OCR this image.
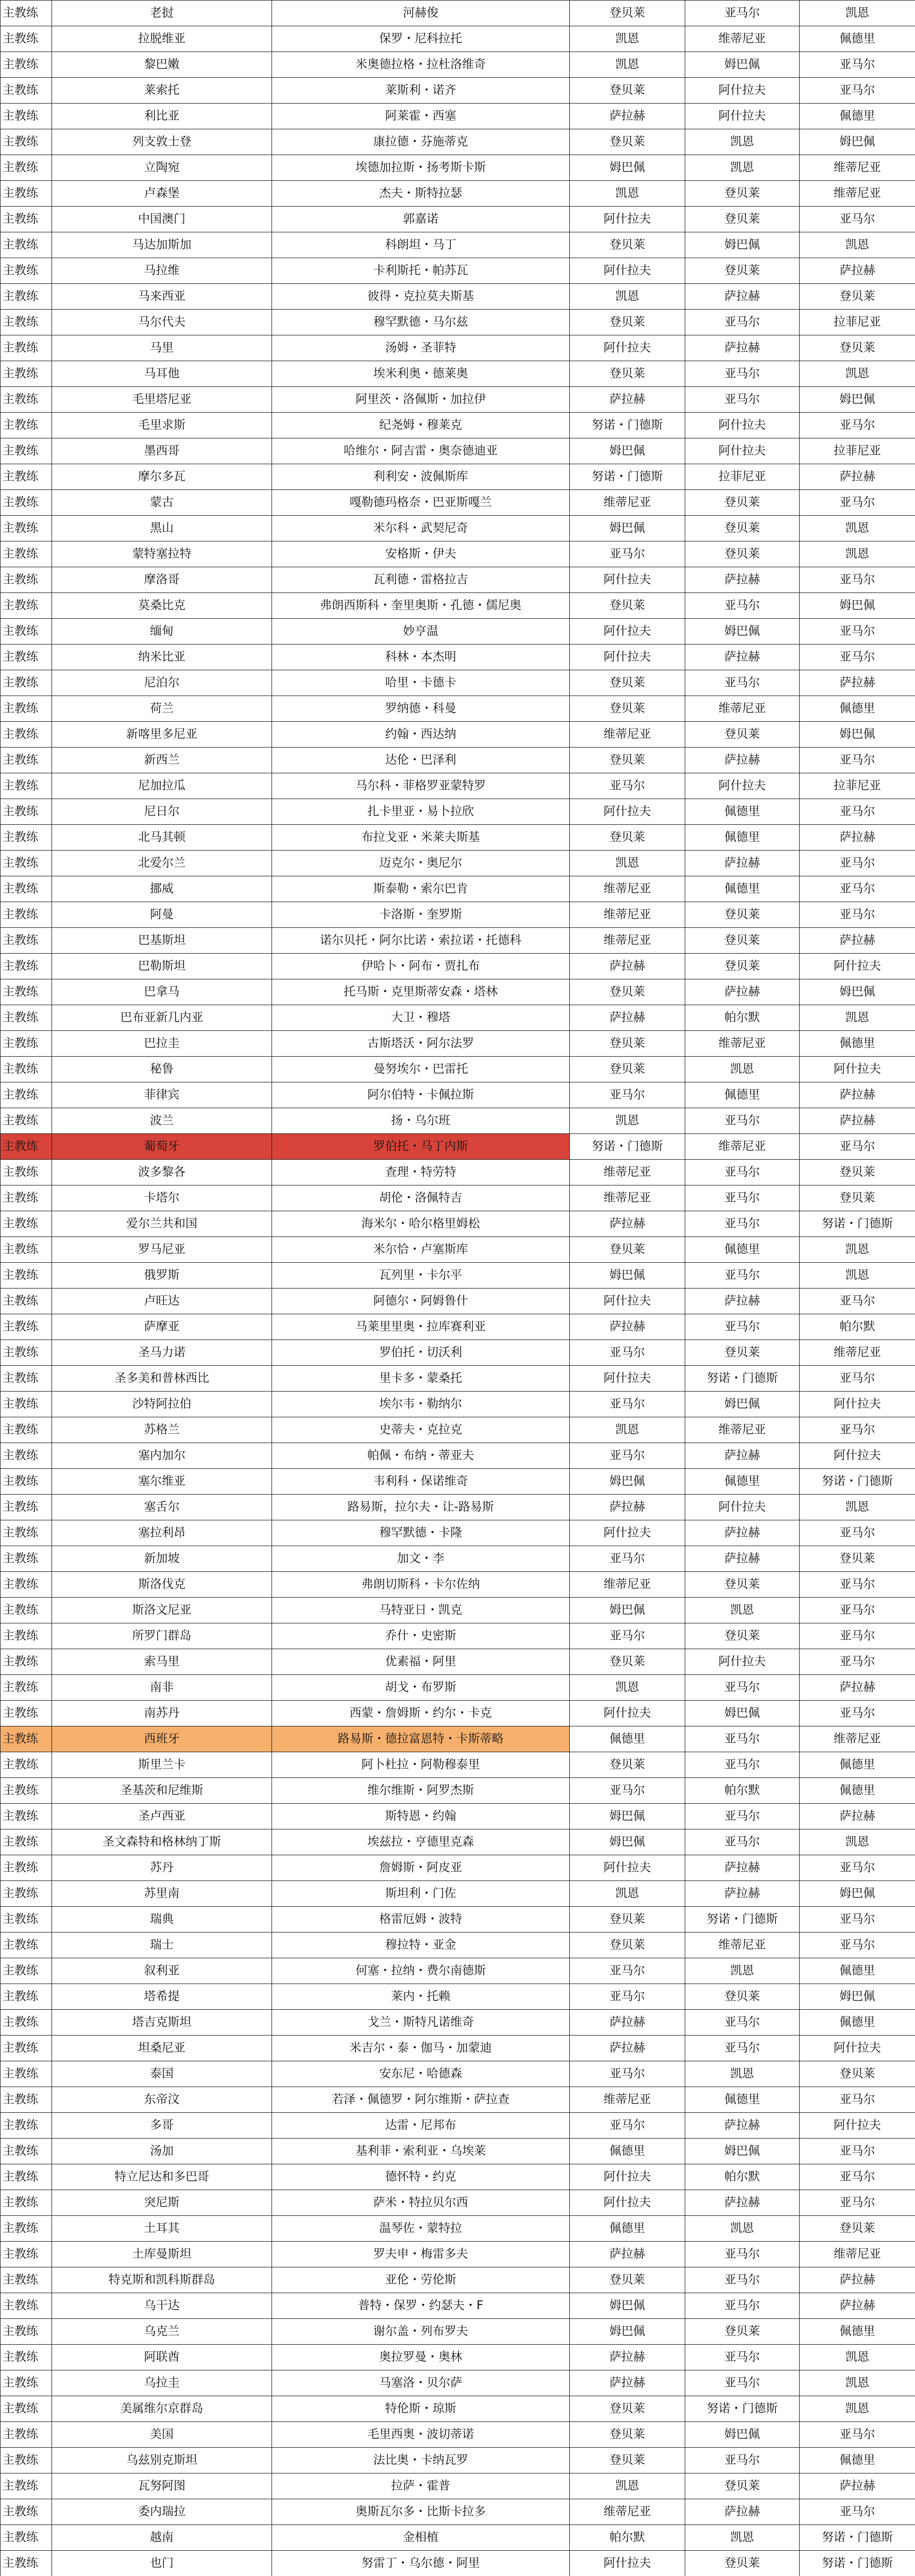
主教练	老挝	河赫俊	登贝莱	亚马尔	凯恩
主教练	拉脱维亚	保罗・尼科拉托	凯恩	维蒂尼亚	佩德里
主教练	黎巴嫩	米奥德拉格・拉杜洛维奇	凯恩	姆巴佩	亚马尔
主教练	莱索托	莱斯利・诺齐	登贝莱	阿什拉夫	亚马尔
主教练	利比亚	阿莱霍・西塞	萨拉赫	阿什拉夫	佩德里
主教练	列支敦士登	康拉德・芬施蒂克	登贝莱	凯恩	姆巴佩
主教练	立陶宛	埃德加拉斯・扬考斯卡斯	姆巴佩	凯恩	维蒂尼亚
主教练	卢森堡	杰夫・斯特拉瑟	凯恩	登贝莱	维蒂尼亚
主教练	中国澳门	郭嘉诺	阿什拉夫	登贝莱	亚马尔
主教练	马达加斯加	科朗坦・马丁	登贝莱	姆巴佩	凯恩
主教练	马拉维	卡利斯托・帕苏瓦	阿什拉夫	登贝莱	萨拉赫
主教练	马来西亚	彼得・克拉莫夫斯基	凯恩	萨拉赫	登贝莱
主教练	马尔代夫	穆罕默德・马尔兹	登贝莱	亚马尔	拉菲尼亚
主教练	马里	汤姆・圣菲特	阿什拉夫	萨拉赫	登贝莱
主教练	马耳他	埃米利奥・德莱奥	登贝莱	亚马尔	凯恩
主教练	毛里塔尼亚	阿里茨・洛佩斯・加拉伊	萨拉赫	亚马尔	姆巴佩
主教练	毛里求斯	纪尧姆・穆莱克	努诺・门德斯	阿什拉夫	亚马尔
主教练	墨西哥	哈维尔・阿吉雷・奥奈德迪亚	姆巴佩	阿什拉夫	拉菲尼亚
主教练	摩尔多瓦	利利安・波佩斯库	努诺・门德斯	拉菲尼亚	萨拉赫
主教练	蒙古	嘎勒德玛格奈・巴亚斯嘎兰	维蒂尼亚	登贝莱	亚马尔
主教练	黑山	米尔科・武契尼奇	姆巴佩	登贝莱	凯恩
主教练	蒙特塞拉特	安格斯・伊夫	亚马尔	登贝莱	凯恩
主教练	摩洛哥	瓦利德・雷格拉吉	阿什拉夫	萨拉赫	亚马尔
主教练	莫桑比克	弗朗西斯科・奎里奥斯・孔德・儒尼奥	登贝莱	亚马尔	姆巴佩
主教练	缅甸	妙亨温	阿什拉夫	姆巴佩	亚马尔
主教练	纳米比亚	科林・本杰明	阿什拉夫	萨拉赫	亚马尔
主教练	尼泊尔	哈里・卡德卡	登贝莱	亚马尔	萨拉赫
主教练	荷兰	罗纳德・科曼	登贝莱	维蒂尼亚	佩德里
主教练	新喀里多尼亚	约翰・西达纳	维蒂尼亚	登贝莱	姆巴佩
主教练	新西兰	达伦・巴泽利	登贝莱	萨拉赫	亚马尔
主教练	尼加拉瓜	马尔科・菲格罗亚蒙特罗	亚马尔	阿什拉夫	拉菲尼亚
主教练	尼日尔	扎卡里亚・易卜拉欣	阿什拉夫	佩德里	亚马尔
主教练	北马其顿	布拉戈亚・米莱夫斯基	登贝莱	佩德里	萨拉赫
主教练	北爱尔兰	迈克尔・奥尼尔	凯恩	萨拉赫	亚马尔
主教练	挪威	斯泰勒・索尔巴肯	维蒂尼亚	佩德里	亚马尔
主教练	阿曼	卡洛斯・奎罗斯	维蒂尼亚	登贝莱	亚马尔
主教练	巴基斯坦	诺尔贝托・阿尔比诺・索拉诺・托德科	维蒂尼亚	登贝莱	萨拉赫
主教练	巴勒斯坦	伊哈卜・阿布・贾扎布	萨拉赫	登贝莱	阿什拉夫
主教练	巴拿马	托马斯・克里斯蒂安森・塔林	登贝莱	萨拉赫	姆巴佩
主教练	巴布亚新几内亚	大卫・穆塔	萨拉赫	帕尔默	凯恩
主教练	巴拉圭	古斯塔沃・阿尔法罗	登贝莱	维蒂尼亚	佩德里
主教练	秘鲁	曼努埃尔・巴雷托	登贝莱	凯恩	阿什拉夫
主教练	菲律宾	阿尔伯特・卡佩拉斯	亚马尔	佩德里	萨拉赫
主教练	波兰	扬・乌尔班	凯恩	亚马尔	萨拉赫
主教练	葡萄牙	罗伯托・马丁内斯	努诺・门德斯	维蒂尼亚	亚马尔
主教练	波多黎各	查理・特劳特	维蒂尼亚	亚马尔	登贝莱
主教练	卡塔尔	胡伦・洛佩特吉	维蒂尼亚	亚马尔	登贝莱
主教练	爱尔兰共和国	海米尔・哈尔格里姆松	萨拉赫	亚马尔	努诺・门德斯
主教练	罗马尼亚	米尔恰・卢塞斯库	登贝莱	佩德里	凯恩
主教练	俄罗斯	瓦列里・卡尔平	姆巴佩	亚马尔	凯恩
主教练	卢旺达	阿德尔・阿姆鲁什	阿什拉夫	萨拉赫	亚马尔
主教练	萨摩亚	马莱里里奥・拉库赛利亚	萨拉赫	亚马尔	帕尔默
主教练	圣马力诺	罗伯托・切沃利	亚马尔	登贝莱	维蒂尼亚
主教练	圣多美和普林西比	里卡多・蒙桑托	阿什拉夫	努诺・门德斯	亚马尔
主教练	沙特阿拉伯	埃尔韦・勒纳尔	亚马尔	姆巴佩	阿什拉夫
主教练	苏格兰	史蒂夫・克拉克	凯恩	维蒂尼亚	亚马尔
主教练	塞内加尔	帕佩・布纳・蒂亚夫	亚马尔	萨拉赫	阿什拉夫
主教练	塞尔维亚	韦利科・保诺维奇	姆巴佩	佩德里	努诺・门德斯
主教练	塞舌尔	路易斯，拉尔夫・让-路易斯	萨拉赫	阿什拉夫	凯恩
主教练	塞拉利昂	穆罕默德・卡隆	阿什拉夫	萨拉赫	亚马尔
主教练	新加坡	加文・李	亚马尔	萨拉赫	登贝莱
主教练	斯洛伐克	弗朗切斯科・卡尔佐纳	维蒂尼亚	登贝莱	亚马尔
主教练	斯洛文尼亚	马特亚日・凯克	姆巴佩	凯恩	亚马尔
主教练	所罗门群岛	乔什・史密斯	亚马尔	登贝莱	亚马尔
主教练	索马里	优素福・阿里	登贝莱	阿什拉夫	亚马尔
主教练	南非	胡戈・布罗斯	凯恩	亚马尔	萨拉赫
主教练	南苏丹	西蒙・詹姆斯・约尔・卡克	阿什拉夫	姆巴佩	亚马尔
主教练	西班牙	路易斯・德拉富恩特・卡斯蒂略	佩德里	亚马尔	维蒂尼亚
主教练	斯里兰卡	阿卜杜拉・阿勒穆泰里	登贝莱	亚马尔	佩德里
主教练	圣基茨和尼维斯	维尔维斯・阿罗杰斯	亚马尔	帕尔默	佩德里
主教练	圣卢西亚	斯特恩・约翰	姆巴佩	亚马尔	萨拉赫
主教练	圣文森特和格林纳丁斯	埃兹拉・亨德里克森	姆巴佩	亚马尔	凯恩
主教练	苏丹	詹姆斯・阿皮亚	阿什拉夫	萨拉赫	亚马尔
主教练	苏里南	斯坦利・门佐	凯恩	萨拉赫	姆巴佩
主教练	瑞典	格雷厄姆・波特	登贝莱	努诺・门德斯	亚马尔
主教练	瑞士	穆拉特・亚金	登贝莱	维蒂尼亚	亚马尔
主教练	叙利亚	何塞・拉纳・费尔南德斯	亚马尔	凯恩	佩德里
主教练	塔希提	莱内・托赖	亚马尔	登贝莱	姆巴佩
主教练	塔吉克斯坦	戈兰・斯特凡诺维奇	萨拉赫	亚马尔	佩德里
主教练	坦桑尼亚	米吉尔・泰・伽马・加蒙迪	萨拉赫	亚马尔	阿什拉夫
主教练	泰国	安东尼・哈德森	亚马尔	凯恩	登贝莱
主教练	东帝汶	若泽・佩德罗・阿尔维斯・萨拉查	维蒂尼亚	佩德里	亚马尔
主教练	多哥	达雷・尼邦布	亚马尔	萨拉赫	阿什拉夫
主教练	汤加	基利菲・索利亚・乌埃莱	佩德里	姆巴佩	亚马尔
主教练	特立尼达和多巴哥	德怀特・约克	阿什拉夫	帕尔默	亚马尔
主教练	突尼斯	萨米・特拉贝尔西	阿什拉夫	萨拉赫	亚马尔
主教练	土耳其	温琴佐・蒙特拉	佩德里	凯恩	登贝莱
主教练	土库曼斯坦	罗夫申・梅雷多夫	萨拉赫	亚马尔	维蒂尼亚
主教练	特克斯和凯科斯群岛	亚伦・劳伦斯	登贝莱	亚马尔	萨拉赫
主教练	乌干达	普特・保罗・约瑟夫・F	姆巴佩	亚马尔	萨拉赫
主教练	乌克兰	谢尔盖・列布罗夫	姆巴佩	登贝莱	佩德里
主教练	阿联酋	奥拉罗曼・奥林	萨拉赫	亚马尔	凯恩
主教练	乌拉圭	马塞洛・贝尔萨	萨拉赫	亚马尔	凯恩
主教练	美属维尔京群岛	特伦斯・琼斯	登贝莱	努诺・门德斯	凯恩
主教练	美国	毛里西奥・波切蒂诺	登贝莱	姆巴佩	亚马尔
主教练	乌兹别克斯坦	法比奥・卡纳瓦罗	登贝莱	亚马尔	佩德里
主教练	瓦努阿图	拉萨・霍普	凯恩	登贝莱	萨拉赫
主教练	委内瑞拉	奥斯瓦尔多・比斯卡拉多	维蒂尼亚	萨拉赫	亚马尔
主教练	越南	金相植	帕尔默	凯恩	努诺・门德斯
主教练	也门	努雷丁・乌尔德・阿里	阿什拉夫	登贝莱	努诺・门德斯
